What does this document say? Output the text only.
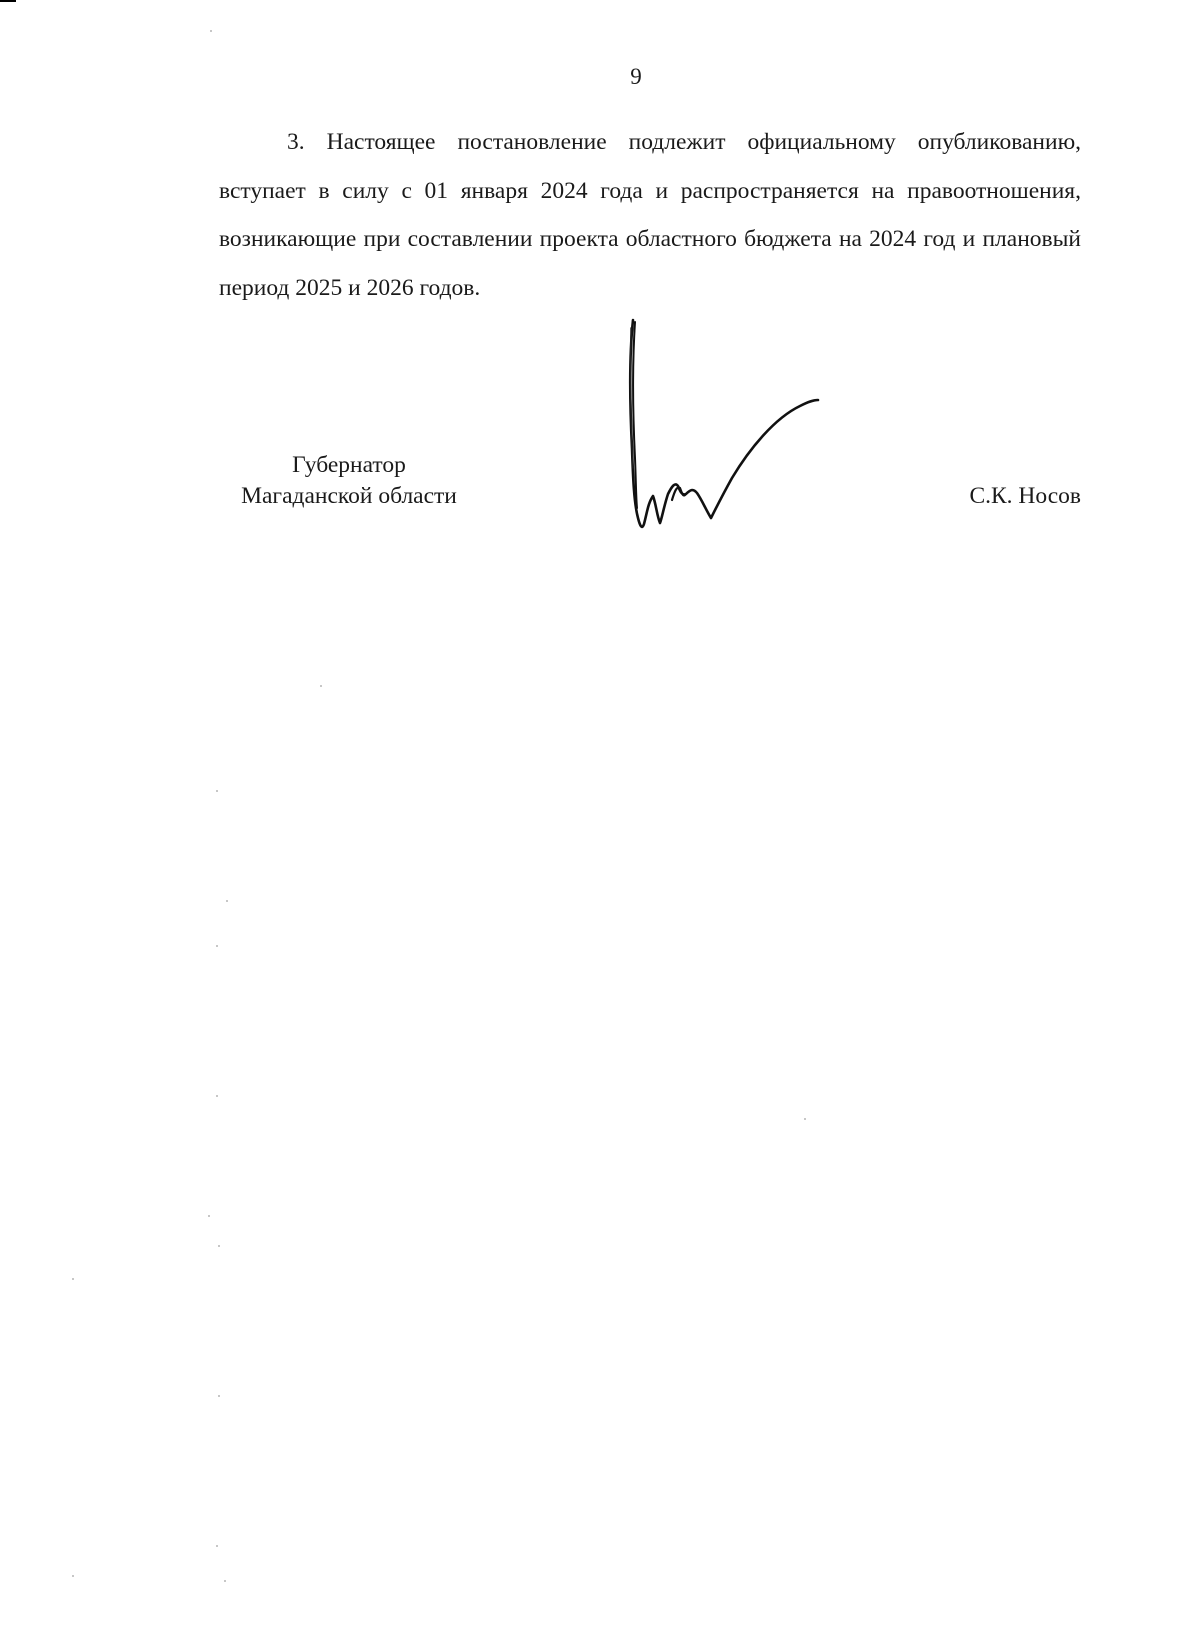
9

3. Настоящее постановление подлежит официальному опубликованию, вступает в силу с 01 января 2024 года и распространяется на правоотношения, возникающие при составлении проекта областного бюджета на 2024 год и плановый период 2025 и 2026 годов.

Губернатор
Магаданской области	С.К. Носов
